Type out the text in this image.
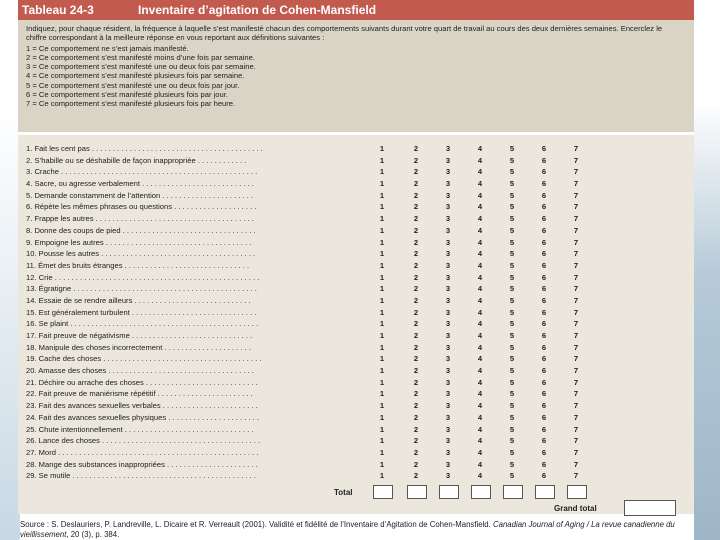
Tableau 24-3	Inventaire d’agitation de Cohen-Mansfield

Indiquez, pour chaque résident, la fréquence à laquelle s’est manifesté chacun des comportements suivants durant votre quart de travail au cours des deux dernières semaines. Encerclez le chiffre correspondant à la meilleure réponse en vous reportant aux définitions suivantes :

1 = Ce comportement ne s’est jamais manifesté.
2 = Ce comportement s’est manifesté moins d’une fois par semaine.
3 = Ce comportement s’est manifesté une ou deux fois par semaine.
4 = Ce comportement s’est manifesté plusieurs fois par semaine.
5 = Ce comportement s’est manifesté une ou deux fois par jour.
6 = Ce comportement s’est manifesté plusieurs fois par jour.
7 = Ce comportement s’est manifesté plusieurs fois par heure.
1. Fait les cent pas . . . . . . . . . . . . . . . . . . . . . . . . . . . . . . . . . . . . . . . . .	1	2	3	4	5	6	7
2. S’habille ou se déshabille de façon inappropriée . . . . . . . . . . . .	1	2	3	4	5	6	7
3. Crache . . . . . . . . . . . . . . . . . . . . . . . . . . . . . . . . . . . . . . . . . . . . . . .	1	2	3	4	5	6	7
4. Sacre, ou agresse verbalement . . . . . . . . . . . . . . . . . . . . . . . . . . .	1	2	3	4	5	6	7
5. Demande constamment de l’attention . . . . . . . . . . . . . . . . . . . . . .	1	2	3	4	5	6	7
6. Répète les mêmes phrases ou questions . . . . . . . . . . . . . . . . . . . .	1	2	3	4	5	6	7
7. Frappe les autres . . . . . . . . . . . . . . . . . . . . . . . . . . . . . . . . . . . . . .	1	2	3	4	5	6	7
8. Donne des coups de pied . . . . . . . . . . . . . . . . . . . . . . . . . . . . . . . .	1	2	3	4	5	6	7
9. Empoigne les autres . . . . . . . . . . . . . . . . . . . . . . . . . . . . . . . . . . .	1	2	3	4	5	6	7
10. Pousse les autres . . . . . . . . . . . . . . . . . . . . . . . . . . . . . . . . . . . . .	1	2	3	4	5	6	7
11. Émet des bruits étranges . . . . . . . . . . . . . . . . . . . . . . . . . . . . . .	1	2	3	4	5	6	7
12. Crie . . . . . . . . . . . . . . . . . . . . . . . . . . . . . . . . . . . . . . . . . . . . . . . . .	1	2	3	4	5	6	7
13. Égratigne . . . . . . . . . . . . . . . . . . . . . . . . . . . . . . . . . . . . . . . . . . . .	1	2	3	4	5	6	7
14. Essaie de se rendre ailleurs . . . . . . . . . . . . . . . . . . . . . . . . . . . .	1	2	3	4	5	6	7
15. Est généralement turbulent . . . . . . . . . . . . . . . . . . . . . . . . . . . . . .	1	2	3	4	5	6	7
16. Se plaint . . . . . . . . . . . . . . . . . . . . . . . . . . . . . . . . . . . . . . . . . . . . .	1	2	3	4	5	6	7
17. Fait preuve de négativisme . . . . . . . . . . . . . . . . . . . . . . . . . . . . .	1	2	3	4	5	6	7
18. Manipule des choses incorrectement . . . . . . . . . . . . . . . . . . . . .	1	2	3	4	5	6	7
19. Cache des choses . . . . . . . . . . . . . . . . . . . . . . . . . . . . . . . . . . . . . .	1	2	3	4	5	6	7
20. Amasse des choses . . . . . . . . . . . . . . . . . . . . . . . . . . . . . . . . . . .	1	2	3	4	5	6	7
21. Déchire ou arrache des choses . . . . . . . . . . . . . . . . . . . . . . . . . . .	1	2	3	4	5	6	7
22. Fait preuve de maniérisme répétitif . . . . . . . . . . . . . . . . . . . . . . .	1	2	3	4	5	6	7
23. Fait des avances sexuelles verbales . . . . . . . . . . . . . . . . . . . . . . .	1	2	3	4	5	6	7
24. Fait des avances sexuelles physiques . . . . . . . . . . . . . . . . . . . . . .	1	2	3	4	5	6	7
25. Chute intentionnellement . . . . . . . . . . . . . . . . . . . . . . . . . . . . . . .	1	2	3	4	5	6	7
26. Lance des choses . . . . . . . . . . . . . . . . . . . . . . . . . . . . . . . . . . . . . .	1	2	3	4	5	6	7
27. Mord . . . . . . . . . . . . . . . . . . . . . . . . . . . . . . . . . . . . . . . . . . . . . . . .	1	2	3	4	5	6	7
28. Mange des substances inappropriées . . . . . . . . . . . . . . . . . . . . . .	1	2	3	4	5	6	7
29. Se mutile . . . . . . . . . . . . . . . . . . . . . . . . . . . . . . . . . . . . . . . . . . . .	1	2	3	4	5	6	7
Total
Grand total
Source : S. Deslauriers, P. Landreville, L. Dicaire et R. Verreault (2001). Validité et fidélité de l’Inventaire d’Agitation de Cohen-Mansfield. Canadian Journal of Aging / La revue canadienne du vieillissement, 20 (3), p. 384.
